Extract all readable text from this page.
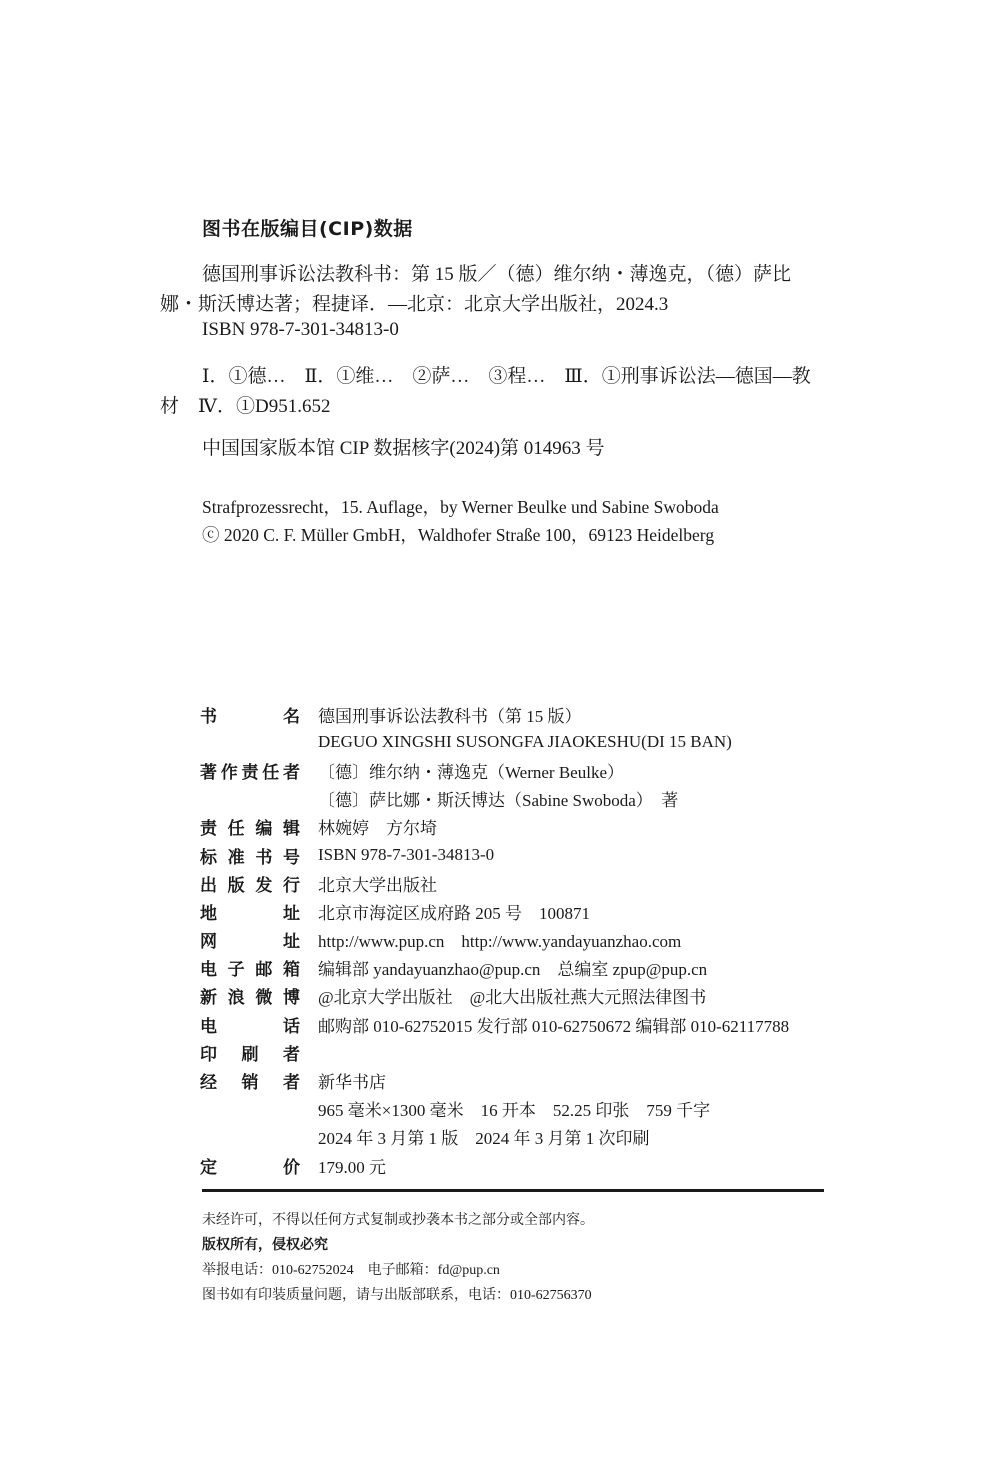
图书在版编目(CIP)数据
德国刑事诉讼法教科书：第 15 版／（德）维尔纳・薄逸克，（德）萨比
娜・斯沃博达著；程捷译．—北京：北京大学出版社，2024.3
ISBN 978-7-301-34813-0
Ⅰ．①德…　Ⅱ．①维…　②萨…　③程…　Ⅲ．①刑事诉讼法—德国—教
材　Ⅳ．①D951.652
中国国家版本馆 CIP 数据核字(2024)第 014963 号
Strafprozessrecht，15. Auflage，by Werner Beulke und Sabine Swoboda
ⓒ 2020 C. F. Müller GmbH，Waldhofer Straße 100，69123 Heidelberg
书名	德国刑事诉讼法教科书（第 15 版）
	DEGUO XINGSHI SUSONGFA JIAOKESHU(DI 15 BAN)
著作责任者	〔德〕维尔纳・薄逸克（Werner Beulke）
	〔德〕萨比娜・斯沃博达（Sabine Swoboda）　著
责任编辑	林婉婷　方尔埼
标准书号	ISBN 978-7-301-34813-0
出版发行	北京大学出版社
地址	北京市海淀区成府路 205 号　100871
网址	http://www.pup.cn　http://www.yandayuanzhao.com
电子邮箱	编辑部 yandayuanzhao@pup.cn　总编室 zpup@pup.cn
新浪微博	@北京大学出版社　@北大出版社燕大元照法律图书
电话	邮购部 010-62752015 发行部 010-62750672 编辑部 010-62117788
印刷者	
经销者	新华书店
	965 毫米×1300 毫米　16 开本　52.25 印张　759 千字
	2024 年 3 月第 1 版　2024 年 3 月第 1 次印刷
定价	179.00 元
未经许可，不得以任何方式复制或抄袭本书之部分或全部内容。
版权所有，侵权必究
举报电话：010-62752024　电子邮箱：fd@pup.cn
图书如有印装质量问题，请与出版部联系，电话：010-62756370
